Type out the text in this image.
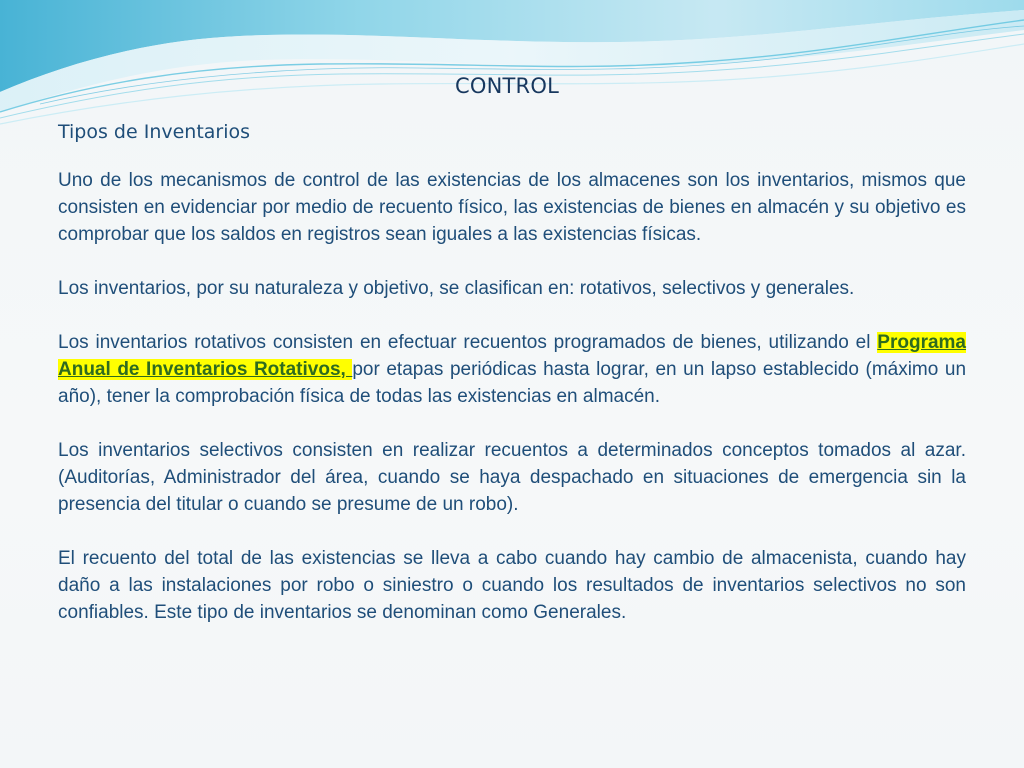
CONTROL
Tipos de Inventarios

Uno de los mecanismos de control de las existencias de los almacenes son los inventarios, mismos que consisten en evidenciar por medio de recuento físico, las existencias de bienes en almacén y su objetivo es comprobar que los saldos en registros sean iguales a las existencias físicas.

Los inventarios, por su naturaleza y objetivo, se clasifican en: rotativos, selectivos y generales.

Los inventarios rotativos consisten en efectuar recuentos programados de bienes, utilizando el Programa Anual de Inventarios Rotativos, por etapas periódicas hasta lograr, en un lapso establecido (máximo un año), tener la comprobación física de todas las existencias en almacén.

Los inventarios selectivos consisten en realizar recuentos a determinados conceptos tomados al azar. (Auditorías, Administrador del área, cuando se haya despachado en situaciones de emergencia sin la presencia del titular o cuando se presume de un robo).

El recuento del total de las existencias se lleva a cabo cuando hay cambio de almacenista, cuando hay daño a las instalaciones por robo o siniestro o cuando los resultados de inventarios selectivos no son confiables. Este tipo de inventarios se denominan como Generales.
